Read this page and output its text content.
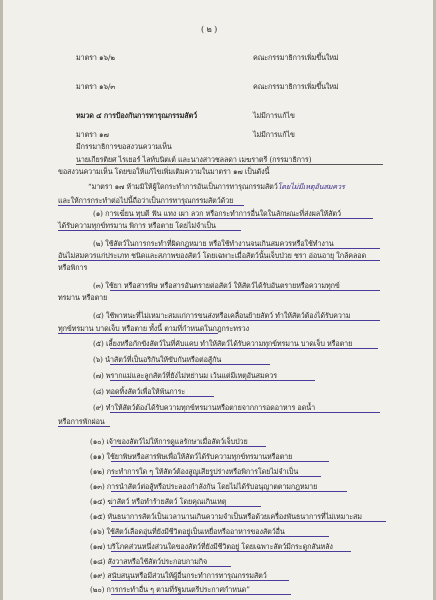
( ๒ )
มาตรา ๑๖/๒	คณะกรรมาธิการเพิ่มขึ้นใหม่
มาตรา ๑๖/๓	คณะกรรมาธิการเพิ่มขึ้นใหม่
หมวด ๔ การป้องกันการทารุณกรรมสัตว์	ไม่มีการแก้ไข
มาตรา ๑๗	ไม่มีการแก้ไข
มีกรรมาธิการขอสงวนความเห็น
นายเกียรติยศ ไรเยอร์ ไลท์บนิตเต์ และนางสาวชลลดา เมฆราตรี (กรรมาธิการ)
ขอสงวนความเห็น โดยขอให้แก้ไขเพิ่มเติมความในมาตรา ๑๗ เป็นดังนี้
“มาตรา ๑๗ ห้ามมิให้ผู้ใดกระทำการอันเป็นการทารุณกรรมสัตว์โดยไม่มีเหตุอันสมควร
และให้การกระทำต่อไปนี้ถือว่าเป็นการทารุณกรรมสัตว์ด้วย
(๑) การเฆี่ยน ทุบตี ฟัน แทง เผา ลวก หรือกระทำการอื่นใดในลักษณะที่ส่งผลให้สัตว์
ได้รับความทุกข์ทรมาน พิการ หรือตาย โดยไม่จำเป็น
(๒) ใช้สัตว์ในการกระทำที่ผิดกฎหมาย หรือใช้ทำงานจนเกินสมควรหรือใช้ทำงาน
อันไม่สมควรแก่ประเภท ชนิดและสภาพของสัตว์ โดยเฉพาะเมื่อสัตว์นั้นเจ็บป่วย ชรา อ่อนอายุ ใกล้คลอด
หรือพิการ
(๓) ใช้ยา หรือสารพิษ หรือสารอันตรายต่อสัตว์ ให้สัตว์ได้รับอันตรายหรือความทุกข์
ทรมาน หรือตาย
(๔) ใช้พาหนะที่ไม่เหมาะสมแก่การขนส่งหรือเคลื่อนย้ายสัตว์ ทำให้สัตว์ต้องได้รับความ
ทุกข์ทรมาน บาดเจ็บ หรือตาย ทั้งนี้ ตามที่กำหนดในกฎกระทรวง
(๕) เลี้ยงหรือกักขังสัตว์ในที่คับแคบ ทำให้สัตว์ได้รับความทุกข์ทรมาน บาดเจ็บ หรือตาย
(๖) นำสัตว์ที่เป็นอริกันให้ขับกันหรือต่อสู้กัน
(๗) พรากแม่และลูกสัตว์ที่ยังไม่หย่านม เว้นแต่มีเหตุอันสมควร
(๘) ทอดทิ้งสัตว์เพื่อให้พ้นภาระ
(๙) ทำให้สัตว์ต้องได้รับความทุกข์ทรมานหรือตายจากการอดอาหาร อดน้ำ
หรือการพักผ่อน
(๑๐) เจ้าของสัตว์ไม่ให้การดูแลรักษาเมื่อสัตว์เจ็บป่วย
(๑๑) ใช้ยาพิษหรือสารพิษเพื่อให้สัตว์ได้รับความทุกข์ทรมานหรือตาย
(๑๒) กระทำการใด ๆ ให้สัตว์ต้องสูญเสียรูปร่างหรือพิการโดยไม่จำเป็น
(๑๓) การนำสัตว์ต่อสู้หรือประลองกำลังกัน โดยไม่ได้รับอนุญาตตามกฎหมาย
(๑๔) ฆ่าสัตว์ หรือทำร้ายสัตว์ โดยคุณเกินเหตุ
(๑๕) หันธนาการสัตว์เป็นเวลานานเกินความจำเป็นหรือด้วยเครื่องพันธนาการที่ไม่เหมาะสม
(๑๖) ใช้สัตว์เลือดอุ่นที่ยังมีชีวิตอยู่เป็นเหยื่อหรืออาหารของสัตว์อื่น
(๑๗) บริโภคส่วนหนึ่งส่วนใดของสัตว์ที่ยังมีชีวิตอยู่ โดยเฉพาะสัตว์มีกระดูกสันหลัง
(๑๘) สังวาสหรือใช้สัตว์ประกอบกามกิจ
(๑๙) สนับสนุนหรือมีส่วนให้ผู้อื่นกระทำการทารุณกรรมสัตว์
(๒๐) การกระทำอื่น ๆ ตามที่รัฐมนตรีประกาศกำหนด”
